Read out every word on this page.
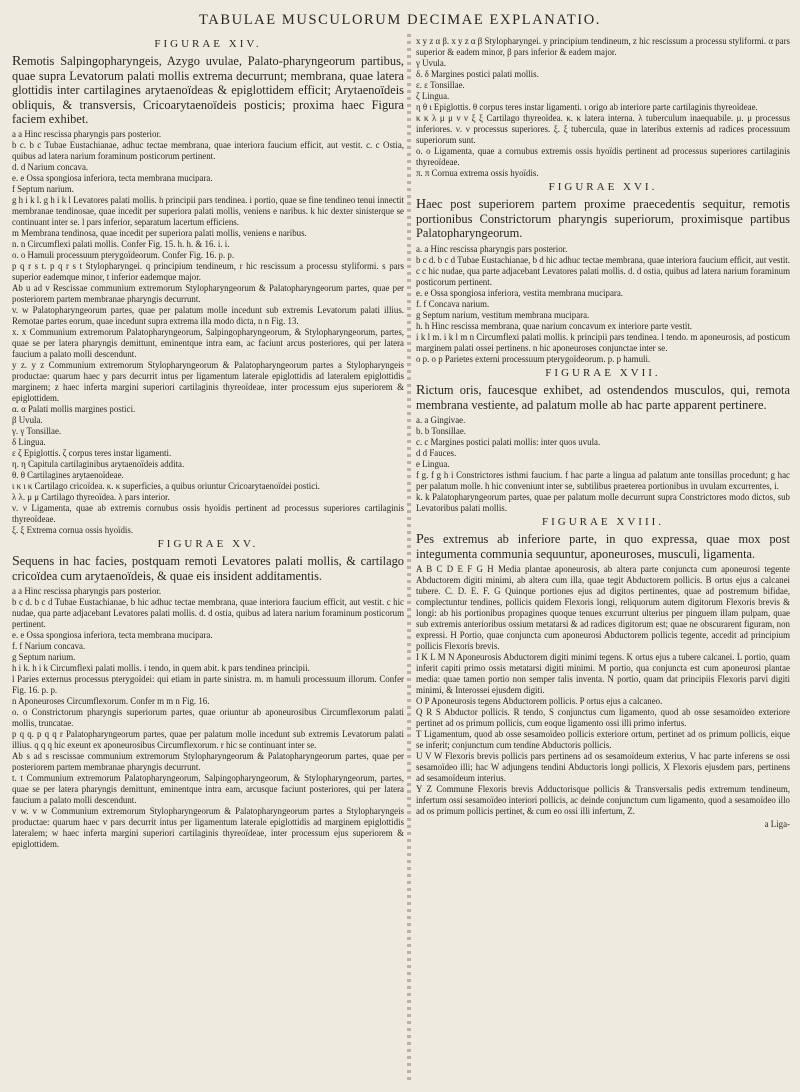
TABULAE MUSCULORUM DECIMAE EXPLANATIO.

FIGURAE XIV.

Remotis Salpingopharyngeis, Azygo uvulae, Palato-pharyngeorum partibus, quae supra Levatorum palati mollis extrema decurrunt; membrana, quae latera glottidis inter cartilagines arytaenoïdeas & epiglottidem efficit; Arytaenoïdeis obliquis, & transversis, Cricoarytaenoïdeis posticis; proxima haec Figura faciem exhibet.

a a Hinc rescissa pharyngis pars posterior.

b c. b c Tubae Eustachianae, adhuc tectae membrana, quae interiora faucium efficit, aut vestit. c. c Ostia, quibus ad latera narium foraminum posticorum pertinent.

d. d Narium concava.

e. e Ossa spongiosa inferiora, tecta membrana mucipara.

f Septum narium.

g h i k l. g h i k l Levatores palati mollis. h principii pars tendinea. i portio, quae se fine tendineo tenui innectit membranae tendinosae, quae incedit per superiora palati mollis, veniens e naribus. k hic dexter sinisterque se continuant inter se. l pars inferior, separatum lacertum efficiens.

m Membrana tendinosa, quae incedit per superiora palati mollis, veniens e naribus.

n. n Circumflexi palati mollis. Confer Fig. 15. h. h. & 16. i. i.

o. o Hamuli processuum pterygoïdeorum. Confer Fig. 16. p. p.

p q r s t. p q r s t Stylopharyngei. q principium tendineum, r hic rescissum a processu styliformi. s pars superior eademque minor, t inferior eademque major.

Ab u ad v Rescissae communium extremorum Stylopharyngeorum & Palatopharyngeorum partes, quae per posteriorem partem membranae pharyngis decurrunt.

v. w Palatopharyngeorum partes, quae per palatum molle incedunt sub extremis Levatorum palati illius. Remotae partes eorum, quae incedunt supra extrema illa modo dicta, n n Fig. 13.

x. x Communium extremorum Palatopharyngeorum, Salpingopharyngeorum, & Stylopharyngeorum, partes, quae se per latera pharyngis demittunt, eminentque intra eam, ac faciunt arcus posteriores, qui per latera faucium a palato molli descendunt.

y z. y z Communium extremorum Stylopharyngeorum & Palatopharyngeorum partes a Stylopharyngeis productae: quarum haec y pars decurrit intus per ligamentum laterale epiglottidis ad lateralem epiglottidis marginem; z haec inferta margini superiori cartilaginis thyreoïdeae, inter processum ejus superiorem & epiglottidem.

α. α Palati mollis margines postici.

β Uvula.

γ. γ Tonsillae.

δ Lingua.

ε ζ Epiglottis. ζ corpus teres instar ligamenti.

η. η Capitula cartilaginibus arytaenoïdeis addita.

θ. θ Cartilagines arytaenoïdeae.

ι κ ι κ Cartilago cricoïdea. κ. κ superficies, a quibus oriuntur Cricoarytaenoïdei postici.

λ λ. μ μ Cartilago thyreoïdea. λ pars interior.

ν. ν Ligamenta, quae ab extremis cornubus ossis hyoïdis pertinent ad processus superiores cartilaginis thyreoïdeae.

ξ. ξ Extrema cornua ossis hyoïdis.

FIGURAE XV.

Sequens in hac facies, postquam remoti Levatores palati mollis, & cartilago cricoïdea cum arytaenoïdeis, & quae eis insident additamentis.

a a Hinc rescissa pharyngis pars posterior.

b c d. b c d Tubae Eustachianae, b hic adhuc tectae membrana, quae interiora faucium efficit, aut vestit. c hic nudae, qua parte adjacebant Levatores palati mollis. d. d ostia, quibus ad latera narium foraminum posticorum pertinent.

e. e Ossa spongiosa inferiora, tecta membrana mucipara.

f. f Narium concava.

g Septum narium.

h i k. h i k Circumflexi palati mollis. i tendo, in quem abit. k pars tendinea principii.

l Paries externus processus pterygoïdei: qui etiam in parte sinistra. m. m hamuli processuum illorum. Confer Fig. 16. p. p.

n Aponeuroses Circumflexorum. Confer m m n Fig. 16.

o. o Constrictorum pharyngis superiorum partes, quae oriuntur ab aponeurosibus Circumflexorum palati mollis, truncatae.

p q q. p q q r Palatopharyngeorum partes, quae per palatum molle incedunt sub extremis Levatorum palati illius. q q q hic exeunt ex aponeurosibus Circumflexorum. r hic se continuant inter se.

Ab s ad s rescissae communium extremorum Stylopharyngeorum & Palatopharyngeorum partes, quae per posteriorem partem membranae pharyngis decurrunt.

t. t Communium extremorum Palatopharyngeorum, Salpingopharyngeorum, & Stylopharyngeorum, partes, quae se per latera pharyngis demittunt, eminentque intra eam, arcusque faciunt posteriores, qui per latera faucium a palato molli descendunt.

v w. v w Communium extremorum Stylopharyngeorum & Palatopharyngeorum partes a Stylopharyngeis productae: quarum haec v pars decurrit intus per ligamentum laterale epiglottidis ad marginem epiglottidis lateralem; w haec inferta margini superiori cartilaginis thyreoïdeae, inter processum ejus superiorem & epiglottidem.

x y z α β. x y z α β Stylopharyngei. y principium tendineum, z hic rescissum a processu styliformi. α pars superior & eadem minor, β pars inferior & eadem major.

γ Uvula.

δ. δ Margines postici palati mollis.

ε. ε Tonsillae.

ζ Lingua.

η θ ι Epiglottis. θ corpus teres instar ligamenti. ι origo ab interiore parte cartilaginis thyreoïdeae.

κ κ λ μ μ ν ν ξ ξ Cartilago thyreoïdea. κ. κ latera interna. λ tuberculum inaequabile. μ. μ processus inferiores. ν. ν processus superiores. ξ. ξ tubercula, quae in lateribus externis ad radices processuum superiorum sunt.

o. o Ligamenta, quae a cornubus extremis ossis hyoïdis pertinent ad processus superiores cartilaginis thyreoïdeae.

π. π Cornua extrema ossis hyoïdis.

FIGURAE XVI.

Haec post superiorem partem proxime praecedentis sequitur, remotis portionibus Constrictorum pharyngis superiorum, proximisque partibus Palatopharyngeorum.

a. a Hinc rescissa pharyngis pars posterior.

b c d. b c d Tubae Eustachianae, b d hic adhuc tectae membrana, quae interiora faucium efficit, aut vestit. c c hic nudae, qua parte adjacebant Levatores palati mollis. d. d ostia, quibus ad latera narium foraminum posticorum pertinent.

e. e Ossa spongiosa inferiora, vestita membrana mucipara.

f. f Concava narium.

g Septum narium, vestitum membrana mucipara.

h. h Hinc rescissa membrana, quae narium concavum ex interiore parte vestit.

i k l m. i k l m n Circumflexi palati mollis. k principii pars tendinea. l tendo. m aponeurosis, ad posticum marginem palati ossei pertinens. n hic aponeuroses conjunctae inter se.

o p. o p Parietes externi processuum pterygoïdeorum. p. p hamuli.

FIGURAE XVII.

Rictum oris, faucesque exhibet, ad ostendendos musculos, qui, remota membrana vestiente, ad palatum molle ab hac parte apparent pertinere.

a. a Gingivae.

b. b Tonsillae.

c. c Margines postici palati mollis: inter quos uvula.

d d Fauces.

e Lingua.

f g. f g h i Constrictores isthmi faucium. f hac parte a lingua ad palatum ante tonsillas procedunt; g hac per palatum molle. h hic conveniunt inter se, subtilibus praeterea portionibus in uvulam excurrentes, i.

k. k Palatopharyngeorum partes, quae per palatum molle decurrunt supra Constrictores modo dictos, sub Levatoribus palati mollis.

FIGURAE XVIII.

Pes extremus ab inferiore parte, in quo expressa, quae mox post integumenta communia sequuntur, aponeuroses, musculi, ligamenta.

A B C D E F G H Media plantae aponeurosis, ab altera parte conjuncta cum aponeurosi tegente Abductorem digiti minimi, ab altera cum illa, quae tegit Abductorem pollicis. B ortus ejus a calcanei tubere. C. D. E. F. G Quinque portiones ejus ad digitos pertinentes, quae ad postremum bifidae, complectuntur tendines, pollicis quidem Flexoris longi, reliquorum autem digitorum Flexoris brevis & longi: ab his portionibus propagines quoque tenues excurrunt ulterius per pinguem illam pulpam, quae sub extremis anterioribus ossium metatarsi & ad radices digitorum est; quae ne obscurarent figuram, non expressi. H Portio, quae conjuncta cum aponeurosi Abductorem pollicis tegente, accedit ad principium pollicis Flexoris brevis.

I K L M N Aponeurosis Abductorem digiti minimi tegens. K ortus ejus a tubere calcanei. L portio, quam inferit capiti primo ossis metatarsi digiti minimi. M portio, qua conjuncta est cum aponeurosi plantae media: quae tamen portio non semper talis inventa. N portio, quam dat principiis Flexoris parvi digiti minimi, & Interossei ejusdem digiti.

O P Aponeurosis tegens Abductorem pollicis. P ortus ejus a calcaneo.

Q R S Abductor pollicis. R tendo, S conjunctus cum ligamento, quod ab osse sesamoïdeo exteriore pertinet ad os primum pollicis, cum eoque ligamento ossi illi primo infertus.

T Ligamentum, quod ab osse sesamoïdeo pollicis exteriore ortum, pertinet ad os primum pollicis, eique se inferit; conjunctum cum tendine Abductoris pollicis.

U V W Flexoris brevis pollicis pars pertinens ad os sesamoïdeum exterius, V hac parte inferens se ossi sesamoïdeo illi; hac W adjungens tendini Abductoris longi pollicis, X Flexoris ejusdem pars, pertinens ad sesamoïdeum interius.

Y Z Commune Flexoris brevis Adductorisque pollicis & Transversalis pedis extremum tendineum, infertum ossi sesamoïdeo interiori pollicis, ac deinde conjunctum cum ligamento, quod a sesamoïdeo illo ad os primum pollicis pertinet, & cum eo ossi illi infertum, Z.

a Liga-
